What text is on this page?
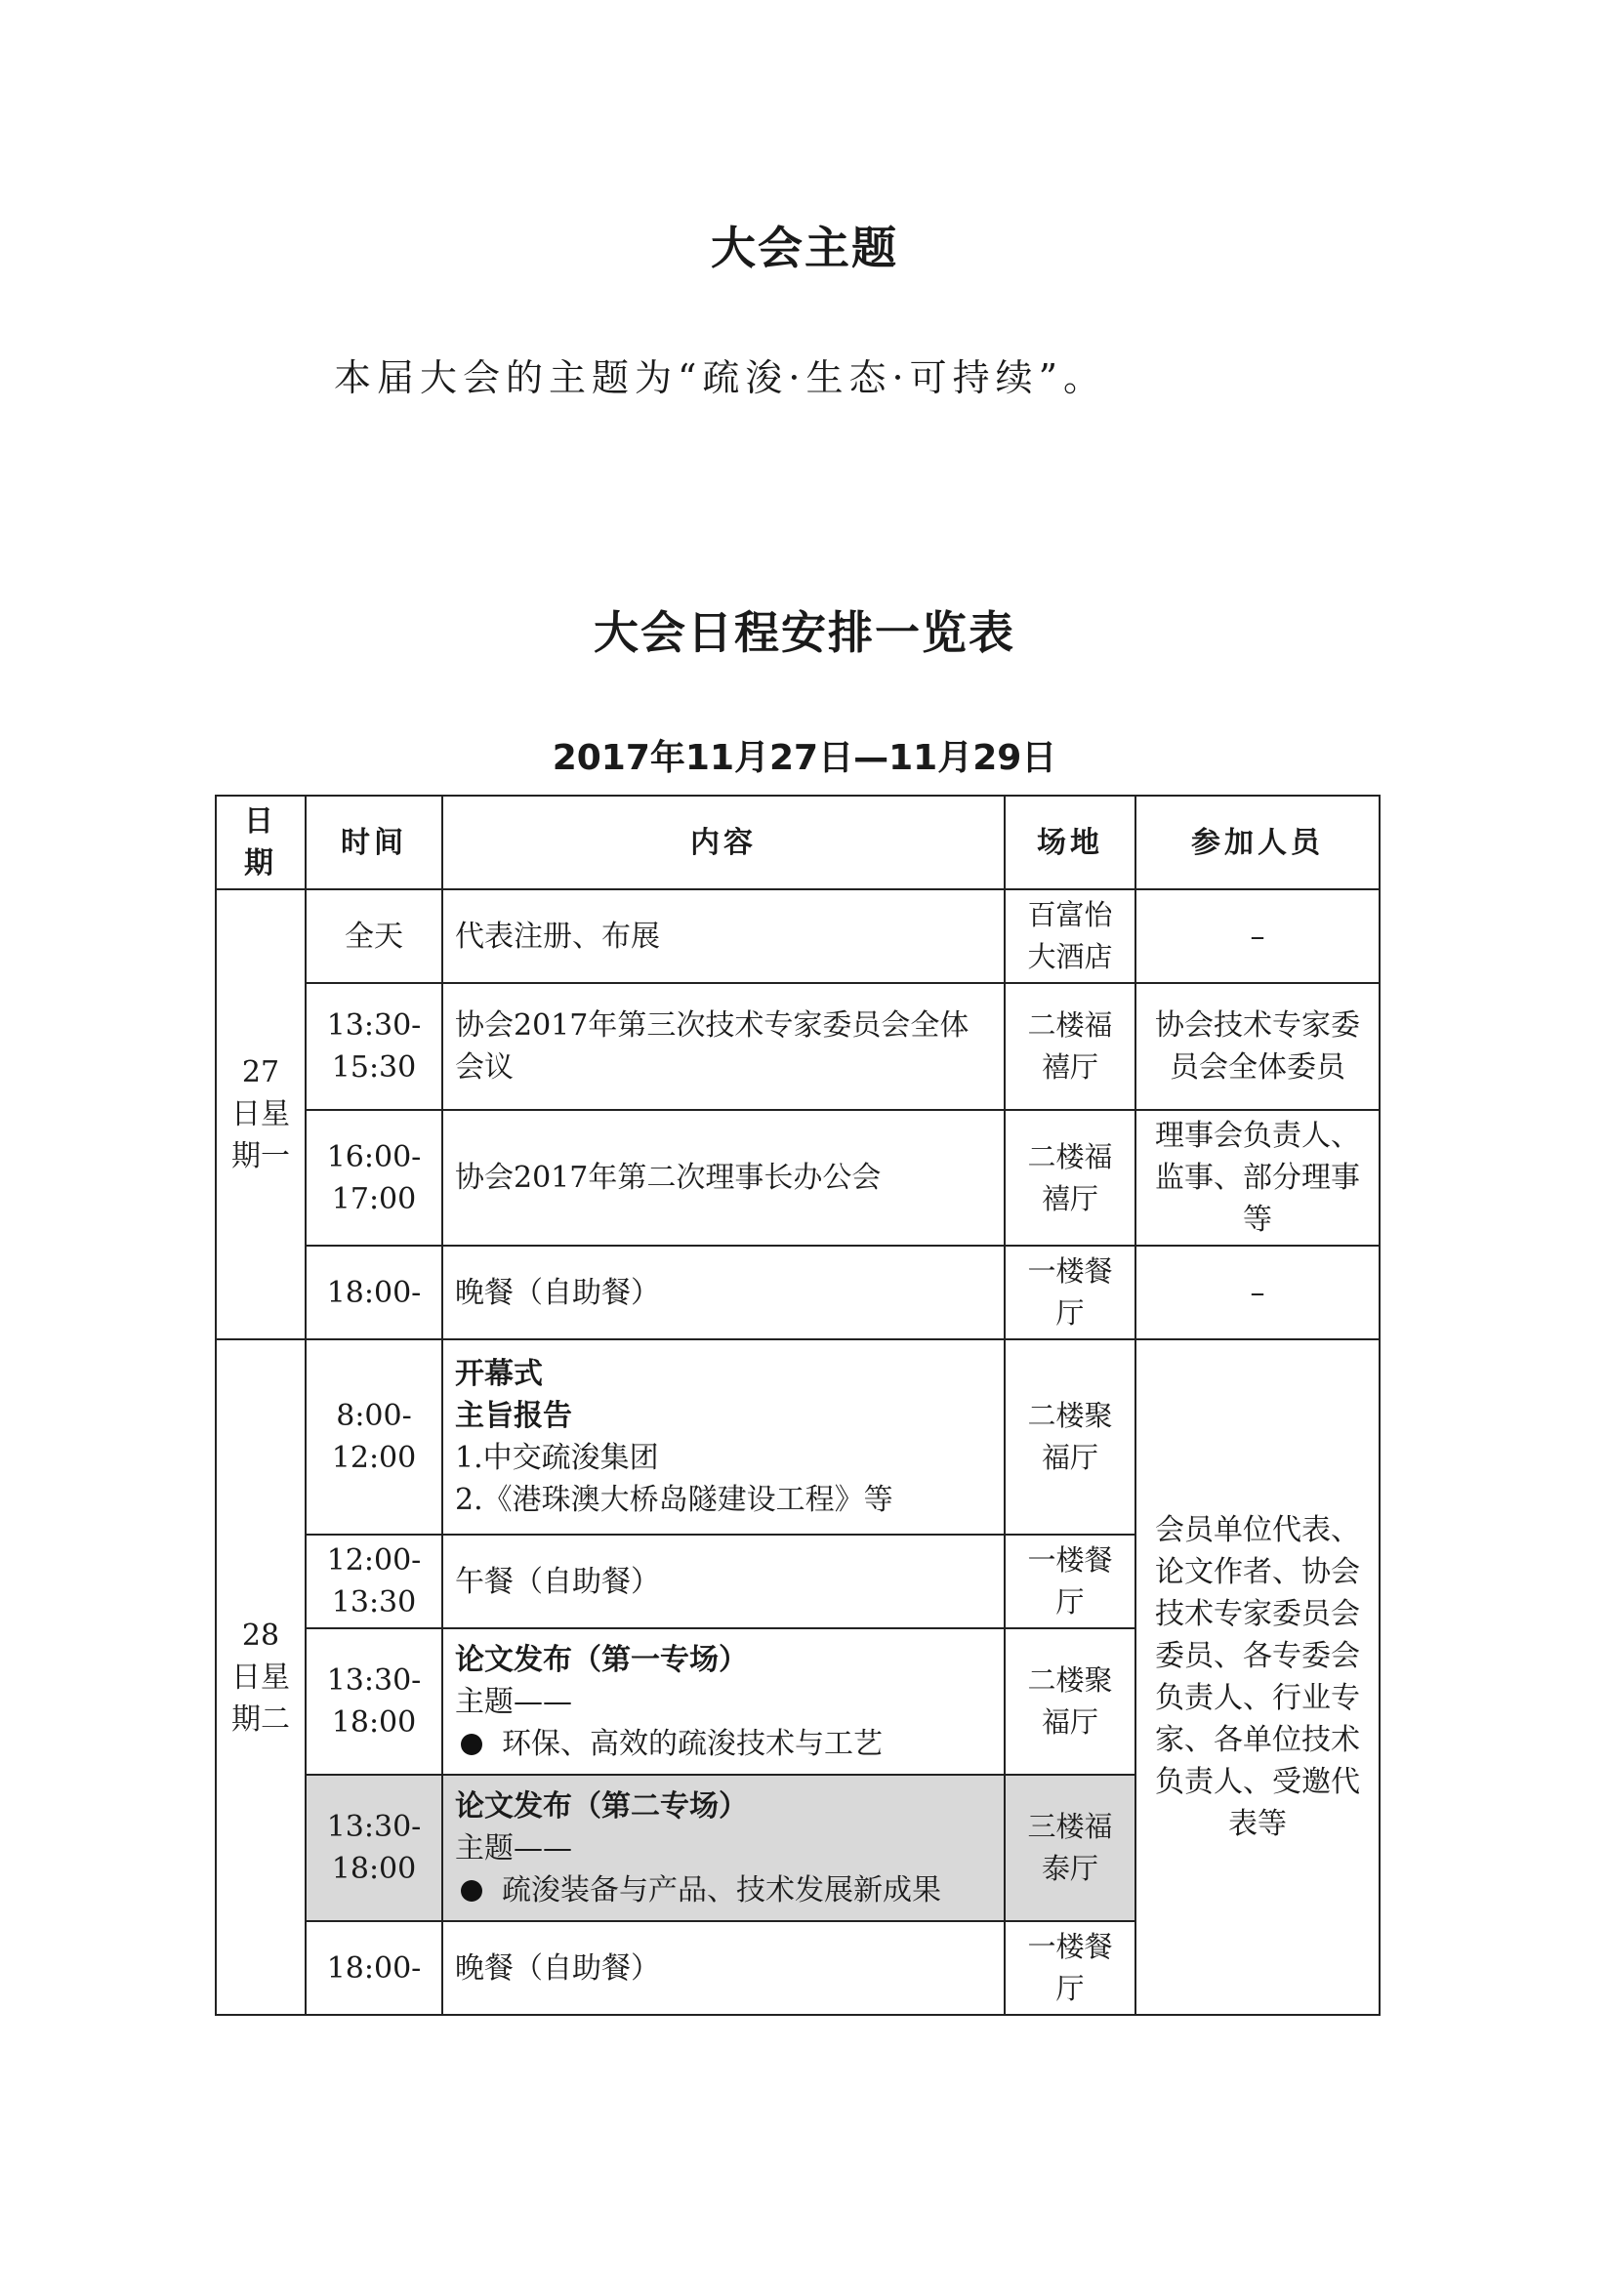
大会主题
本届大会的主题为“疏浚·生态·可持续”。
大会日程安排一览表
2017年11月27日—11月29日
日期	时间	内容	场地	参加人员
27日星期一	全天	代表注册、布展	百富怡大酒店	–
	13:30-15:30	协会2017年第三次技术专家委员会全体会议	二楼福禧厅	协会技术专家委员会全体委员
	16:00-17:00	协会2017年第二次理事长办公会	二楼福禧厅	理事会负责人、监事、部分理事等
	18:00-	晚餐（自助餐）	一楼餐厅	–
28日星期二	8:00-12:00	开幕式
主旨报告
1.中交疏浚集团
2.《港珠澳大桥岛隧建设工程》等	二楼聚福厅	会员单位代表、论文作者、协会技术专家委员会委员、各专委会负责人、行业专家、各单位技术负责人、受邀代表等
	12:00-13:30	午餐（自助餐）	一楼餐厅	
	13:30-18:00	论文发布（第一专场）
主题——
环保、高效的疏浚技术与工艺	二楼聚福厅	
	13:30-18:00	论文发布（第二专场）
主题——
疏浚装备与产品、技术发展新成果	三楼福泰厅	
	18:00-	晚餐（自助餐）	一楼餐厅	
